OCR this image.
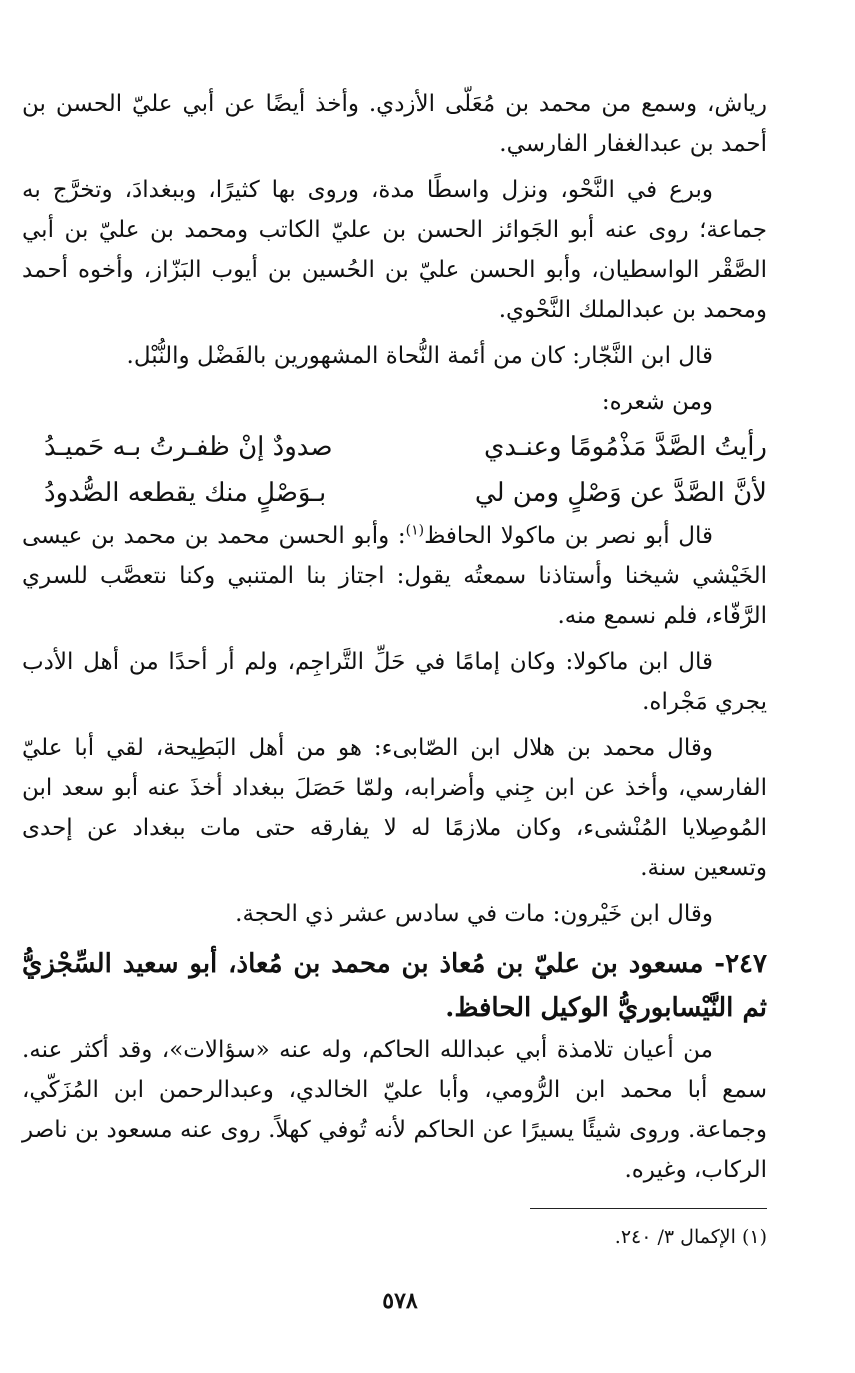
رياش، وسمع من محمد بن مُعَلّى الأزدي. وأخذ أيضًا عن أبي عليّ الحسن بن أحمد بن عبدالغفار الفارسي.

وبرع في النَّحْو، ونزل واسطًا مدة، وروى بها كثيرًا، وببغدادَ، وتخرَّج به جماعة؛ روى عنه أبو الجَوائز الحسن بن عليّ الكاتب ومحمد بن عليّ بن أبي الصَّقْر الواسطيان، وأبو الحسن عليّ بن الحُسين بن أيوب البَزّاز، وأخوه أحمد ومحمد بن عبدالملك النَّحْوي.

قال ابن النَّجّار: كان من أئمة النُّحاة المشهورين بالفَضْل والنُّبْل.

ومن شعره:

رأيتُ الصَّدَّ مَذْمُومًا وعنـدي
صدودٌ إنْ ظفـرتُ بـه حَميـدُ
لأنَّ الصَّدَّ عن وَصْلٍ ومن لي
بـوَصْلٍ منك يقطعه الصُّدودُ

قال أبو نصر بن ماكولا الحافظ$^{(١)}$: وأبو الحسن محمد بن محمد بن عيسى الخَيْشي شيخنا وأستاذنا سمعتُه يقول: اجتاز بنا المتنبي وكنا نتعصَّب للسري الرَّفّاء، فلم نسمع منه.

قال ابن ماكولا: وكان إمامًا في حَلِّ التَّراجِم، ولم أر أحدًا من أهل الأدب يجري مَجْراه.

وقال محمد بن هلال ابن الصّابىء: هو من أهل البَطِيحة، لقي أبا عليّ الفارسي، وأخذ عن ابن جِني وأضرابه، ولمّا حَصَلَ ببغداد أخذَ عنه أبو سعد ابن المُوصِلايا المُنْشىء، وكان ملازمًا له لا يفارقه حتى مات ببغداد عن إحدى وتسعين سنة.

وقال ابن خَيْرون: مات في سادس عشر ذي الحجة.

٢٤٧- مسعود بن عليّ بن مُعاذ بن محمد بن مُعاذ، أبو سعيد السِّجْزيُّ ثم النَّيْسابوريُّ الوكيل الحافظ.

من أعيان تلامذة أبي عبدالله الحاكم، وله عنه «سؤالات»، وقد أكثر عنه. سمع أبا محمد ابن الرُّومي، وأبا عليّ الخالدي، وعبدالرحمن ابن المُزَكّي، وجماعة. وروى شيئًا يسيرًا عن الحاكم لأنه تُوفي كهلاً. روى عنه مسعود بن ناصر الركاب، وغيره.

(١) الإكمال ٣/ ٢٤٠.
٥٧٨
